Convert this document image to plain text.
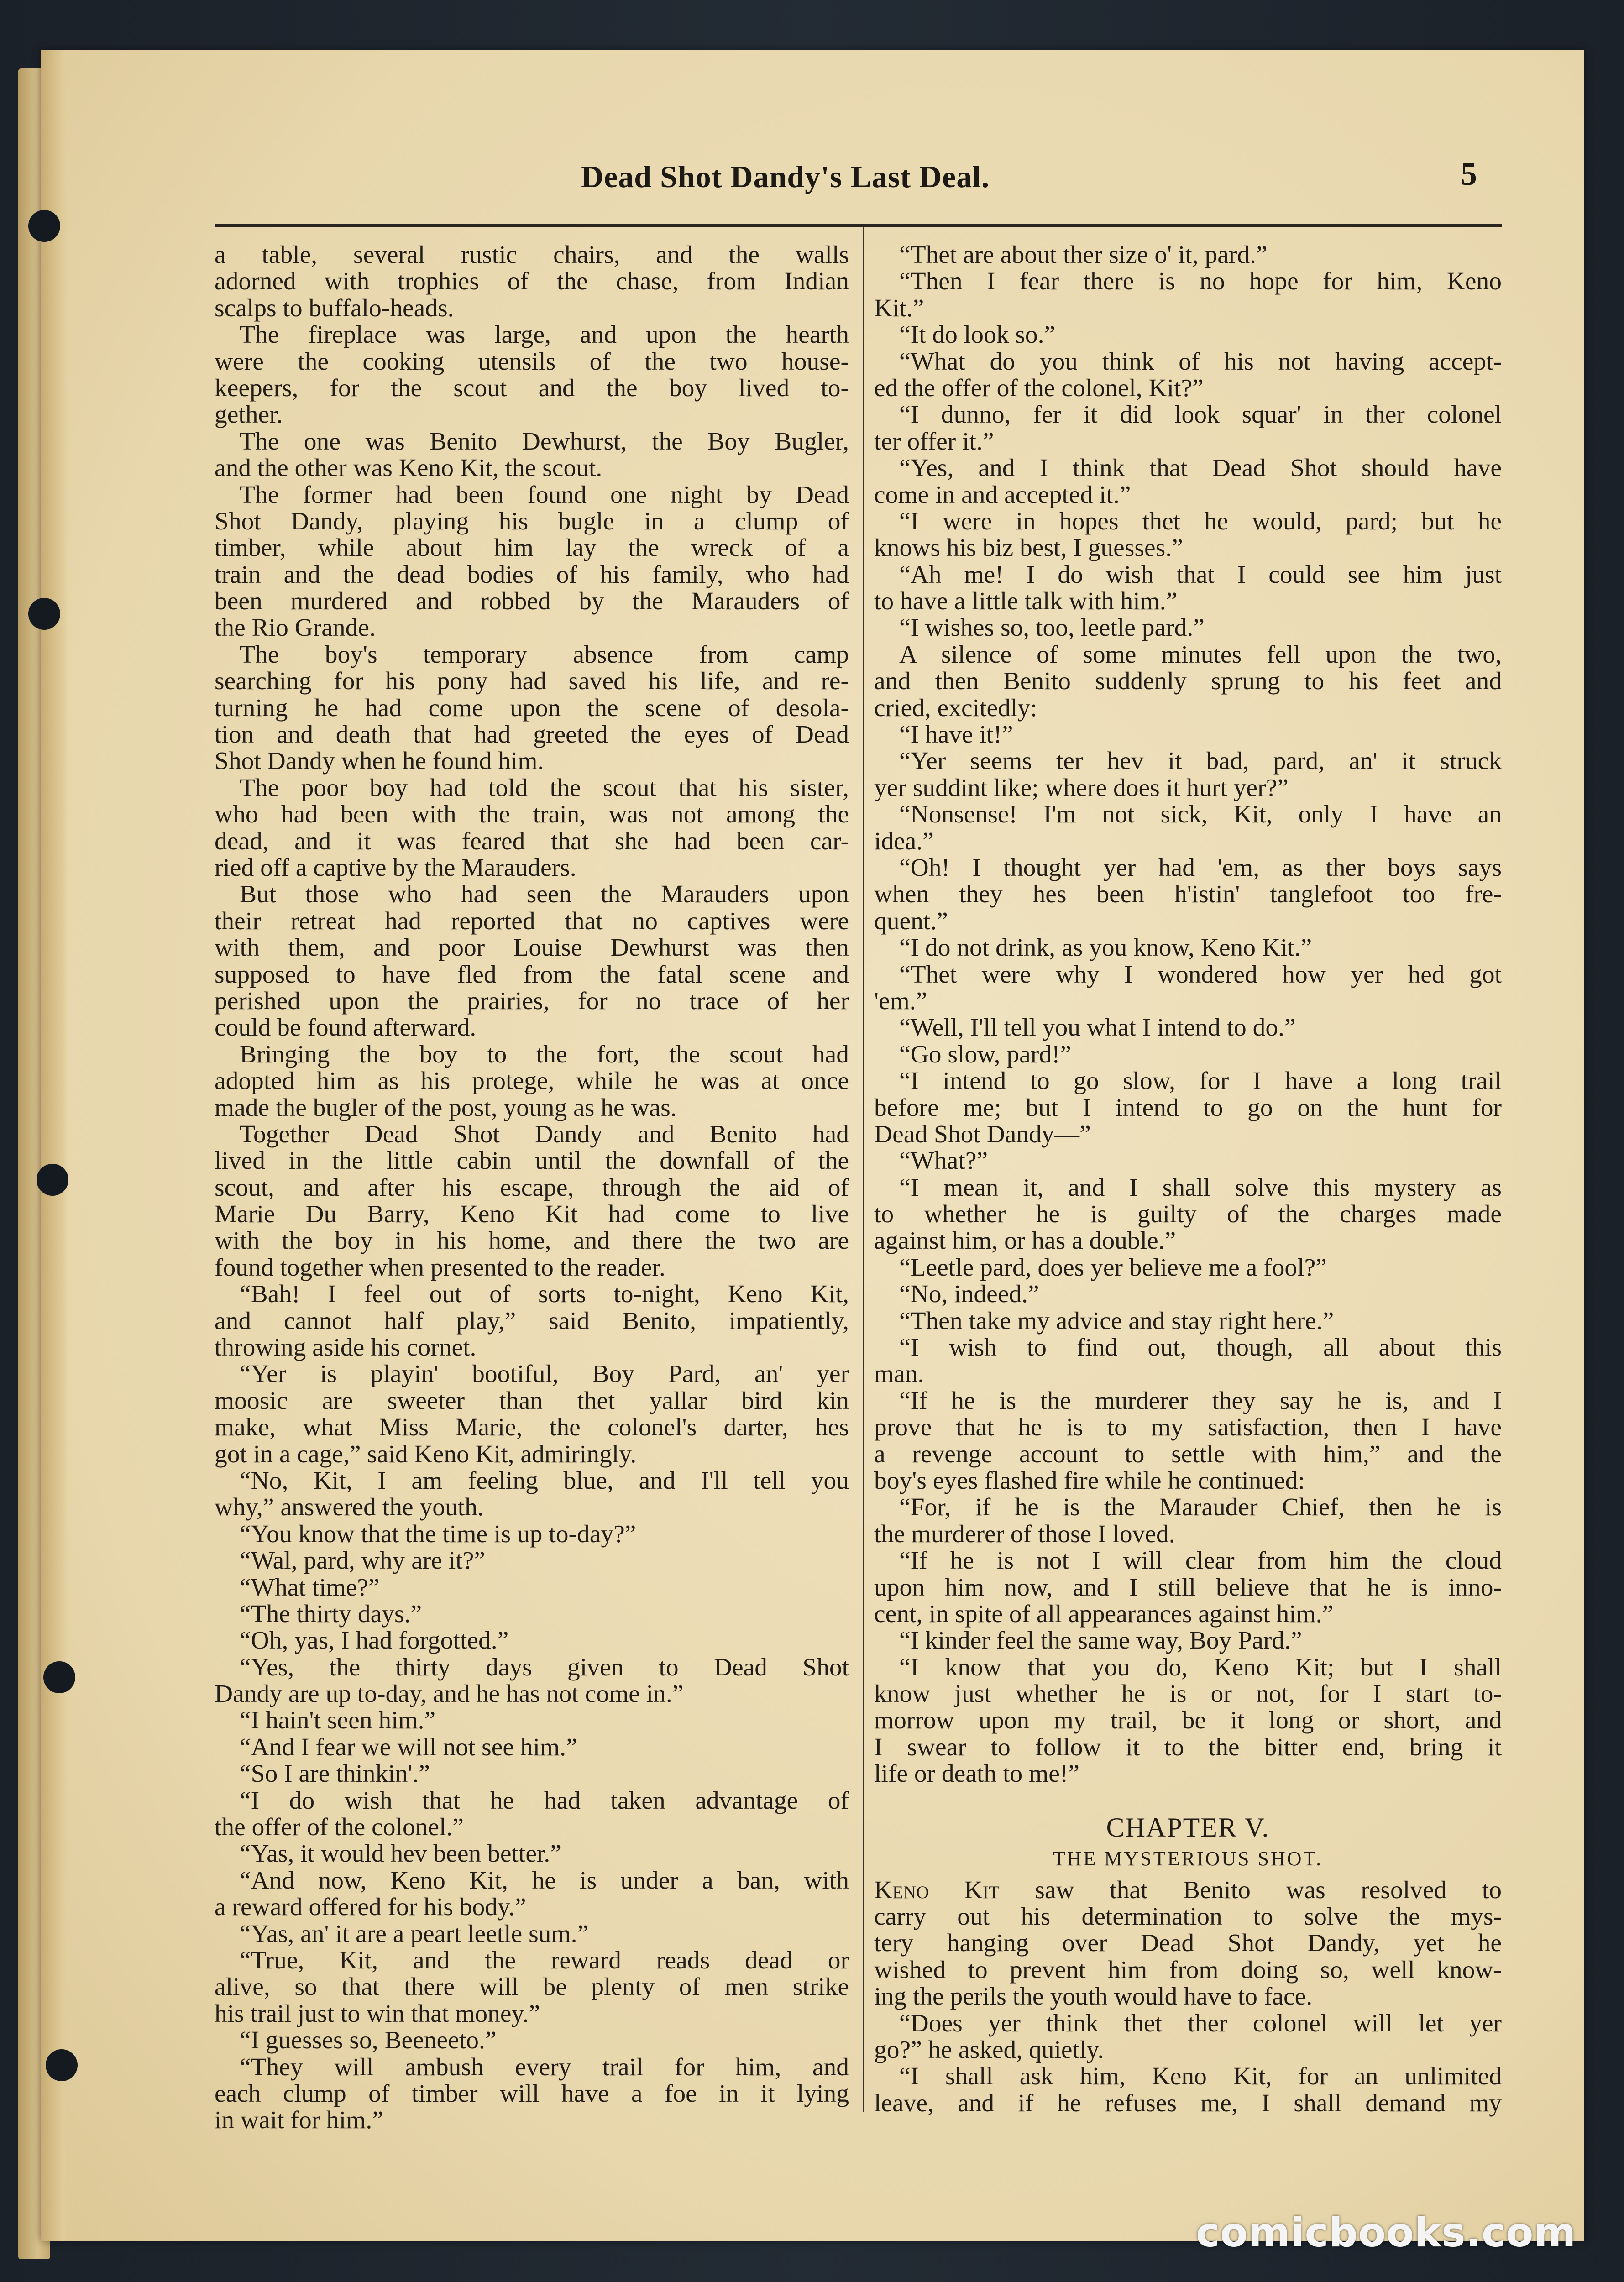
Dead Shot Dandy's Last Deal.	5
a table, several rustic chairs, and the walls
adorned with trophies of the chase, from Indian
scalps to buffalo-heads.
The fireplace was large, and upon the hearth
were the cooking utensils of the two house-
keepers, for the scout and the boy lived to-
gether.
The one was Benito Dewhurst, the Boy Bugler,
and the other was Keno Kit, the scout.
The former had been found one night by Dead
Shot Dandy, playing his bugle in a clump of
timber, while about him lay the wreck of a
train and the dead bodies of his family, who had
been murdered and robbed by the Marauders of
the Rio Grande.
The boy's temporary absence from camp
searching for his pony had saved his life, and re-
turning he had come upon the scene of desola-
tion and death that had greeted the eyes of Dead
Shot Dandy when he found him.
The poor boy had told the scout that his sister,
who had been with the train, was not among the
dead, and it was feared that she had been car-
ried off a captive by the Marauders.
But those who had seen the Marauders upon
their retreat had reported that no captives were
with them, and poor Louise Dewhurst was then
supposed to have fled from the fatal scene and
perished upon the prairies, for no trace of her
could be found afterward.
Bringing the boy to the fort, the scout had
adopted him as his protege, while he was at once
made the bugler of the post, young as he was.
Together Dead Shot Dandy and Benito had
lived in the little cabin until the downfall of the
scout, and after his escape, through the aid of
Marie Du Barry, Keno Kit had come to live
with the boy in his home, and there the two are
found together when presented to the reader.
“Bah! I feel out of sorts to-night, Keno Kit,
and cannot half play,” said Benito, impatiently,
throwing aside his cornet.
“Yer is playin' bootiful, Boy Pard, an' yer
moosic are sweeter than thet yallar bird kin
make, what Miss Marie, the colonel's darter, hes
got in a cage,” said Keno Kit, admiringly.
“No, Kit, I am feeling blue, and I'll tell you
why,” answered the youth.
“You know that the time is up to-day?”
“Wal, pard, why are it?”
“What time?”
“The thirty days.”
“Oh, yas, I had forgotted.”
“Yes, the thirty days given to Dead Shot
Dandy are up to-day, and he has not come in.”
“I hain't seen him.”
“And I fear we will not see him.”
“So I are thinkin'.”
“I do wish that he had taken advantage of
the offer of the colonel.”
“Yas, it would hev been better.”
“And now, Keno Kit, he is under a ban, with
a reward offered for his body.”
“Yas, an' it are a peart leetle sum.”
“True, Kit, and the reward reads dead or
alive, so that there will be plenty of men strike
his trail just to win that money.”
“I guesses so, Beeneeto.”
“They will ambush every trail for him, and
each clump of timber will have a foe in it lying
in wait for him.”
“Thet are about ther size o' it, pard.”
“Then I fear there is no hope for him, Keno
Kit.”
“It do look so.”
“What do you think of his not having accept-
ed the offer of the colonel, Kit?”
“I dunno, fer it did look squar' in ther colonel
ter offer it.”
“Yes, and I think that Dead Shot should have
come in and accepted it.”
“I were in hopes thet he would, pard; but he
knows his biz best, I guesses.”
“Ah me! I do wish that I could see him just
to have a little talk with him.”
“I wishes so, too, leetle pard.”
A silence of some minutes fell upon the two,
and then Benito suddenly sprung to his feet and
cried, excitedly:
“I have it!”
“Yer seems ter hev it bad, pard, an' it struck
yer suddint like; where does it hurt yer?”
“Nonsense! I'm not sick, Kit, only I have an
idea.”
“Oh! I thought yer had 'em, as ther boys says
when they hes been h'istin' tanglefoot too fre-
quent.”
“I do not drink, as you know, Keno Kit.”
“Thet were why I wondered how yer hed got
'em.”
“Well, I'll tell you what I intend to do.”
“Go slow, pard!”
“I intend to go slow, for I have a long trail
before me; but I intend to go on the hunt for
Dead Shot Dandy—”
“What?”
“I mean it, and I shall solve this mystery as
to whether he is guilty of the charges made
against him, or has a double.”
“Leetle pard, does yer believe me a fool?”
“No, indeed.”
“Then take my advice and stay right here.”
“I wish to find out, though, all about this
man.
“If he is the murderer they say he is, and I
prove that he is to my satisfaction, then I have
a revenge account to settle with him,” and the
boy's eyes flashed fire while he continued:
“For, if he is the Marauder Chief, then he is
the murderer of those I loved.
“If he is not I will clear from him the cloud
upon him now, and I still believe that he is inno-
cent, in spite of all appearances against him.”
“I kinder feel the same way, Boy Pard.”
“I know that you do, Keno Kit; but I shall
know just whether he is or not, for I start to-
morrow upon my trail, be it long or short, and
I swear to follow it to the bitter end, bring it
life or death to me!”
CHAPTER V.
THE MYSTERIOUS SHOT.
Keno Kit saw that Benito was resolved to
carry out his determination to solve the mys-
tery hanging over Dead Shot Dandy, yet he
wished to prevent him from doing so, well know-
ing the perils the youth would have to face.
“Does yer think thet ther colonel will let yer
go?” he asked, quietly.
“I shall ask him, Keno Kit, for an unlimited
leave, and if he refuses me, I shall demand my
comicbooks.com
